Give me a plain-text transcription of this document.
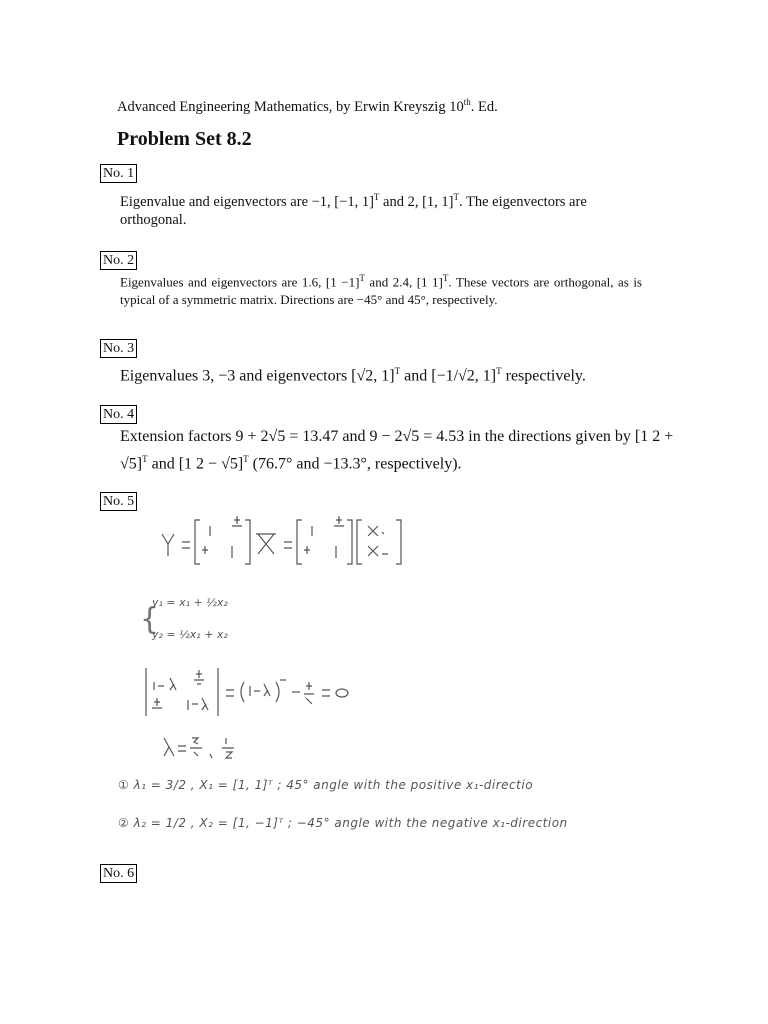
Advanced Engineering Mathematics, by Erwin Kreyszig 10th. Ed.
Problem Set 8.2
No. 1
Eigenvalue and eigenvectors are −1, [−1, 1]$^T$ and 2, [1, 1]$^T$. The eigenvectors are orthogonal.
No. 2
Eigenvalues and eigenvectors are 1.6, $[1 -1]^T$ and 2.4, [1 1]$^T$. These vectors are orthogonal, as is typical of a symmetric matrix. Directions are −45° and 45°, respectively.
No. 3
Eigenvalues 3, −3 and eigenvectors [√2, 1]$^T$ and [−1/√2, 1]$^T$ respectively.
No. 4
Extension factors 9 + 2√5 = 13.47 and 9 − 2√5 = 4.53 in the directions given by [1 2 + √5]$^T$ and [1 2 − √5]$^T$ (76.7° and −13.3°, respectively).
No. 5
{
y₁ = x₁ + ½x₂
y₂ = ½x₁ + x₂
① λ₁ = 3/2 , X₁ = [1, 1]ᵀ ; 45° angle with the positive x₁-directio
② λ₂ = 1/2 , X₂ = [1, −1]ᵀ ; −45° angle with the negative x₁-direction
No. 6
